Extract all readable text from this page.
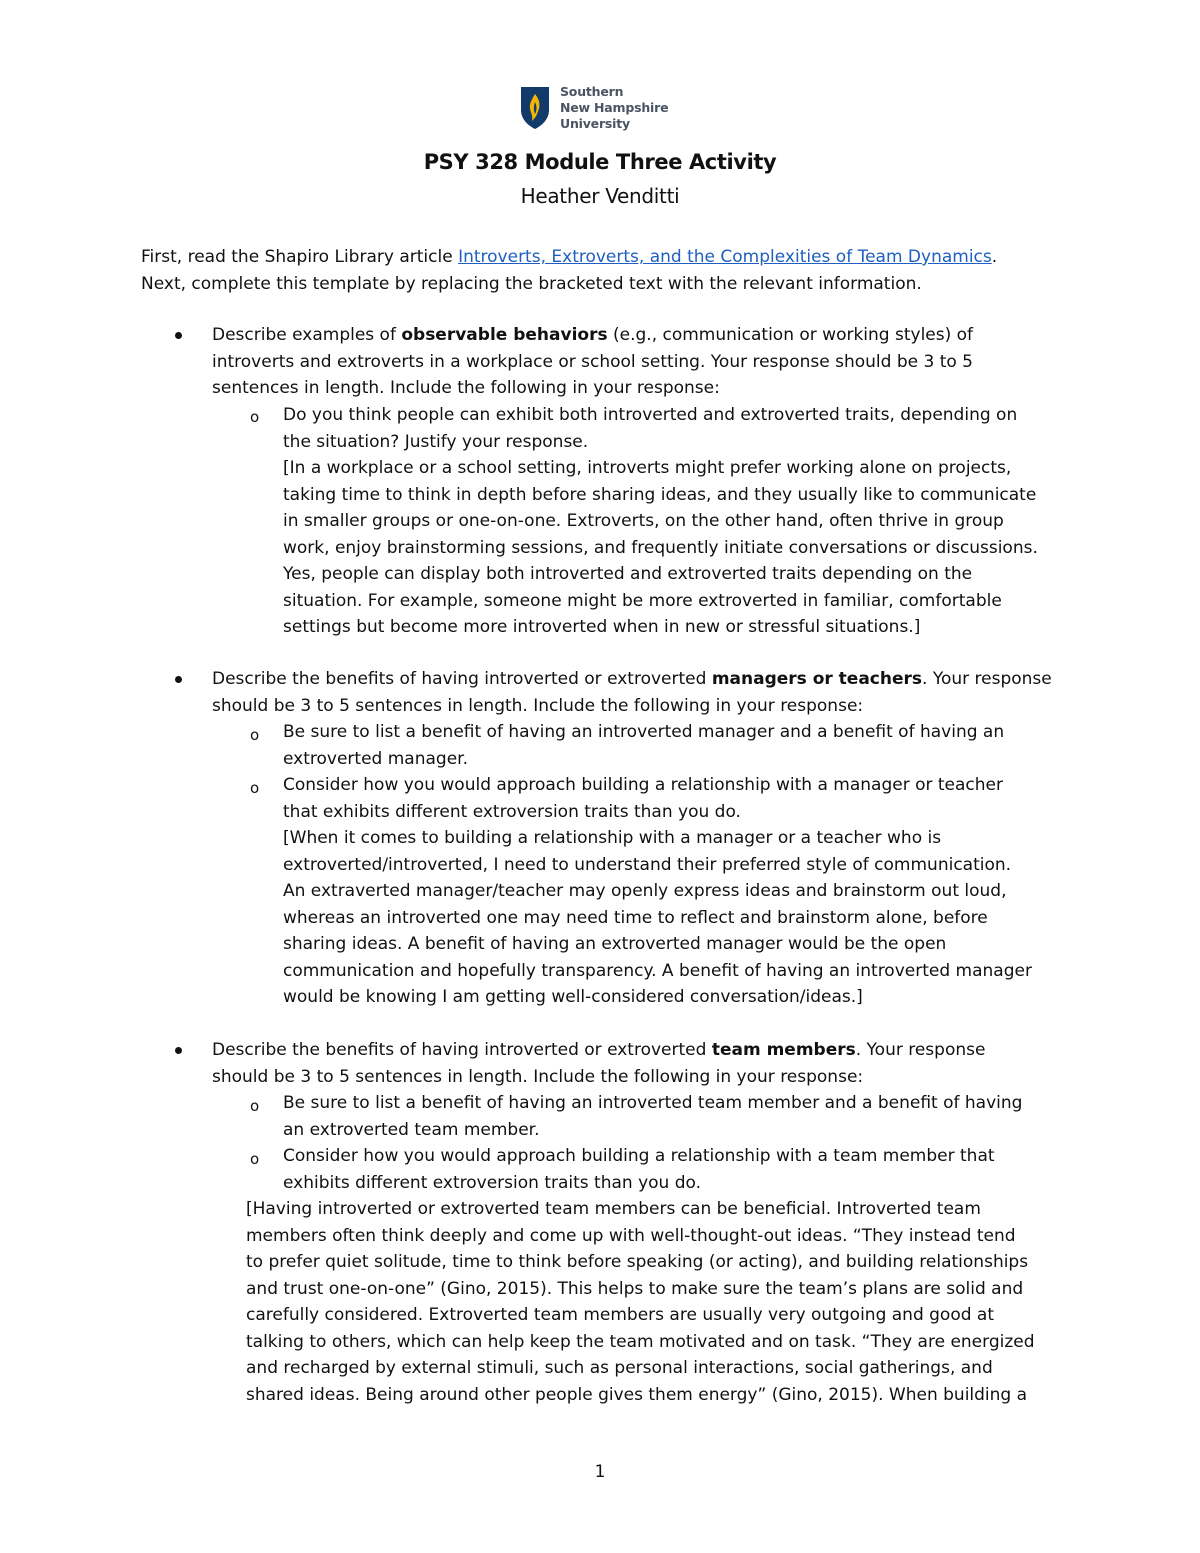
Southern
New Hampshire
University
PSY 328 Module Three Activity
Heather Venditti
First, read the Shapiro Library article Introverts, Extroverts, and the Complexities of Team Dynamics.
Next, complete this template by replacing the bracketed text with the relevant information.
Describe examples of observable behaviors (e.g., communication or working styles) of
introverts and extroverts in a workplace or school setting. Your response should be 3 to 5
sentences in length. Include the following in your response:
o Do you think people can exhibit both introverted and extroverted traits, depending on
the situation? Justify your response.
[In a workplace or a school setting, introverts might prefer working alone on projects,
taking time to think in depth before sharing ideas, and they usually like to communicate
in smaller groups or one-on-one. Extroverts, on the other hand, often thrive in group
work, enjoy brainstorming sessions, and frequently initiate conversations or discussions.
Yes, people can display both introverted and extroverted traits depending on the
situation. For example, someone might be more extroverted in familiar, comfortable
settings but become more introverted when in new or stressful situations.]
Describe the benefits of having introverted or extroverted managers or teachers. Your response
should be 3 to 5 sentences in length. Include the following in your response:
o Be sure to list a benefit of having an introverted manager and a benefit of having an
extroverted manager.
o Consider how you would approach building a relationship with a manager or teacher
that exhibits different extroversion traits than you do.
[When it comes to building a relationship with a manager or a teacher who is
extroverted/introverted, I need to understand their preferred style of communication.
An extraverted manager/teacher may openly express ideas and brainstorm out loud,
whereas an introverted one may need time to reflect and brainstorm alone, before
sharing ideas. A benefit of having an extroverted manager would be the open
communication and hopefully transparency. A benefit of having an introverted manager
would be knowing I am getting well-considered conversation/ideas.]
Describe the benefits of having introverted or extroverted team members. Your response
should be 3 to 5 sentences in length. Include the following in your response:
o Be sure to list a benefit of having an introverted team member and a benefit of having
an extroverted team member.
o Consider how you would approach building a relationship with a team member that
exhibits different extroversion traits than you do.
[Having introverted or extroverted team members can be beneficial. Introverted team
members often think deeply and come up with well-thought-out ideas. “They instead tend
to prefer quiet solitude, time to think before speaking (or acting), and building relationships
and trust one-on-one” (Gino, 2015). This helps to make sure the team’s plans are solid and
carefully considered. Extroverted team members are usually very outgoing and good at
talking to others, which can help keep the team motivated and on task. “They are energized
and recharged by external stimuli, such as personal interactions, social gatherings, and
shared ideas. Being around other people gives them energy” (Gino, 2015). When building a
1
